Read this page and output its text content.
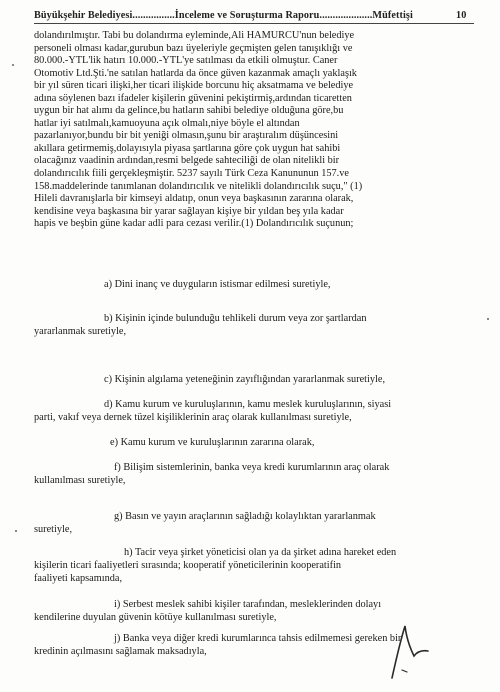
Büyükşehir Belediyesi................İnceleme ve Soruşturma Raporu....................Müfettişi	10
dolandırılmıştır. Tabi bu dolandırma eyleminde,Ali HAMURCU'nun belediye
personeli olması kadar,gurubun bazı üyeleriyle geçmişten gelen tanışıklığı ve
80.000.-YTL'lik hatırı 10.000.-YTL'ye satılması da etkili olmuştur. Caner
Otomotiv Ltd.Şti.'ne satılan hatlarda da önce güven kazanmak amaçlı yaklaşık
bir yıl süren ticari ilişki,her ticari ilişkide borcunu hiç aksatmama ve belediye
adına söylenen bazı ifadeler kişilerin güvenini pekiştirmiş,ardından ticaretten
uygun bir hat alımı da gelince,bu hatların sahibi belediye olduğuna göre,bu
hatlar iyi satılmalı,kamuoyuna açık olmalı,niye böyle el altından
pazarlanıyor,bundu bir bit yeniği olmasın,şunu bir araştıralım düşüncesini
akıllara getirmemiş,dolayısıyla piyasa şartlarına göre çok uygun hat sahibi
olacağınız vaadinin ardından,resmi belgede sahteciliği de olan nitelikli bir
dolandırıcılık fiili gerçekleşmiştir. 5237 sayılı Türk Ceza Kanununun 157.ve
158.maddelerinde tanımlanan dolandırıcılık ve nitelikli dolandırıcılık suçu," (1)
Hileli davranışlarla bir kimseyi aldatıp, onun veya başkasının zararına olarak,
kendisine veya başkasına bir yarar sağlayan kişiye bir yıldan beş yıla kadar
hapis ve beşbin güne kadar adli para cezası verilir.(1) Dolandırıcılık suçunun;
a) Dini inanç ve duyguların istismar edilmesi suretiyle,
b) Kişinin içinde bulunduğu tehlikeli durum veya zor şartlardan
yararlanmak suretiyle,
c) Kişinin algılama yeteneğinin zayıflığından yararlanmak suretiyle,
d) Kamu kurum ve kuruluşlarının, kamu meslek kuruluşlarının, siyasi
parti, vakıf veya dernek tüzel kişiliklerinin araç olarak kullanılması suretiyle,
e) Kamu kurum ve kuruluşlarının zararına olarak,
f) Bilişim sistemlerinin, banka veya kredi kurumlarının araç olarak
kullanılması suretiyle,
g) Basın ve yayın araçlarının sağladığı kolaylıktan yararlanmak
suretiyle,
h) Tacir veya şirket yöneticisi olan ya da şirket adına hareket eden
kişilerin ticari faaliyetleri sırasında; kooperatif yöneticilerinin kooperatifin
faaliyeti kapsamında,
i) Serbest meslek sahibi kişiler tarafından, mesleklerinden dolayı
kendilerine duyulan güvenin kötüye kullanılması suretiyle,
j) Banka veya diğer kredi kurumlarınca tahsis edilmemesi gereken bir
kredinin açılmasını sağlamak maksadıyla,
